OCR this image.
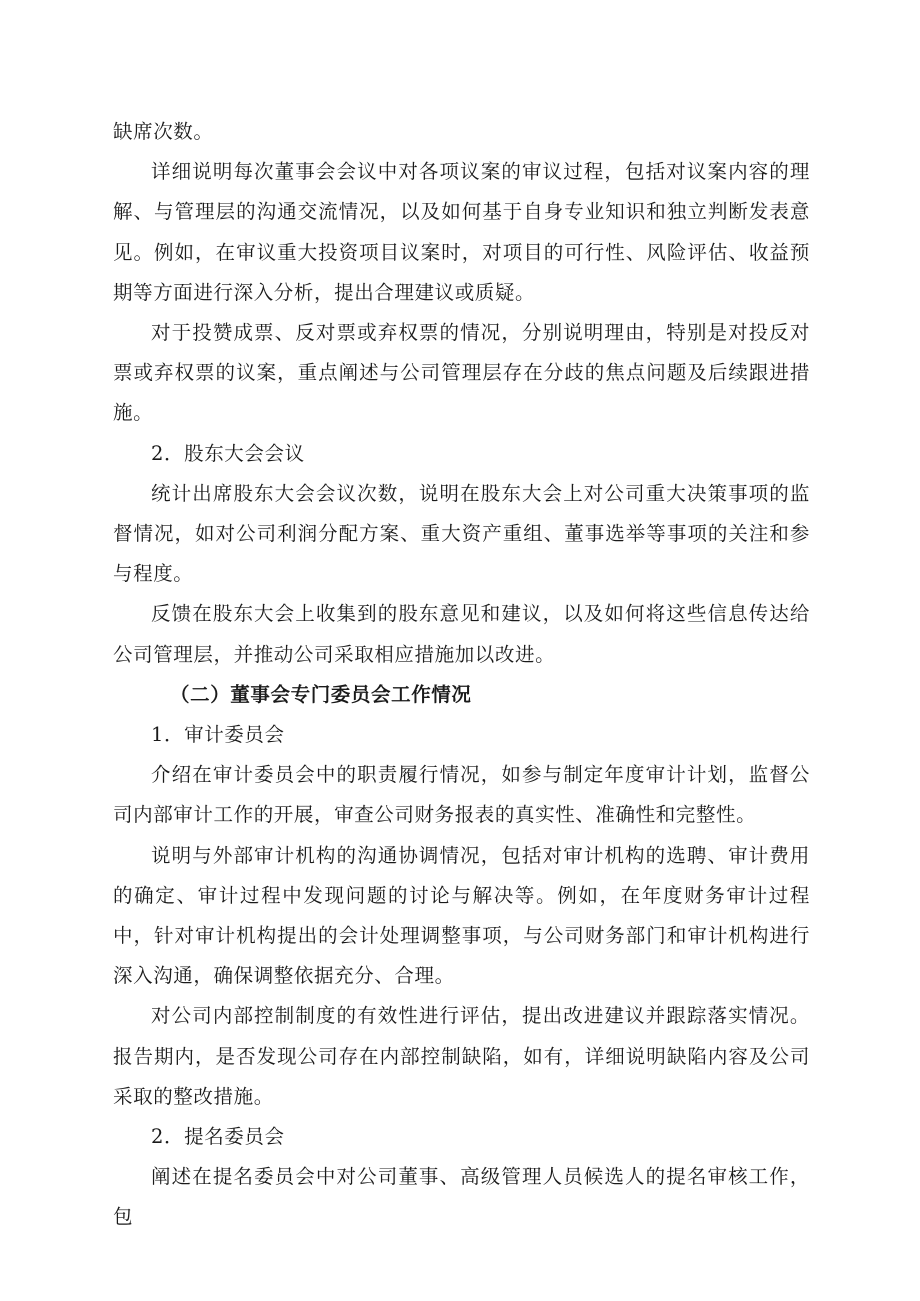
缺席次数。

详细说明每次董事会会议中对各项议案的审议过程，包括对议案内容的理解、与管理层的沟通交流情况，以及如何基于自身专业知识和独立判断发表意见。例如，在审议重大投资项目议案时，对项目的可行性、风险评估、收益预期等方面进行深入分析，提出合理建议或质疑。

对于投赞成票、反对票或弃权票的情况，分别说明理由，特别是对投反对票或弃权票的议案，重点阐述与公司管理层存在分歧的焦点问题及后续跟进措施。

2．股东大会会议

统计出席股东大会会议次数，说明在股东大会上对公司重大决策事项的监督情况，如对公司利润分配方案、重大资产重组、董事选举等事项的关注和参与程度。

反馈在股东大会上收集到的股东意见和建议，以及如何将这些信息传达给公司管理层，并推动公司采取相应措施加以改进。

（二）董事会专门委员会工作情况

1．审计委员会

介绍在审计委员会中的职责履行情况，如参与制定年度审计计划，监督公司内部审计工作的开展，审查公司财务报表的真实性、准确性和完整性。

说明与外部审计机构的沟通协调情况，包括对审计机构的选聘、审计费用的确定、审计过程中发现问题的讨论与解决等。例如，在年度财务审计过程中，针对审计机构提出的会计处理调整事项，与公司财务部门和审计机构进行深入沟通，确保调整依据充分、合理。

对公司内部控制制度的有效性进行评估，提出改进建议并跟踪落实情况。报告期内，是否发现公司存在内部控制缺陷，如有，详细说明缺陷内容及公司采取的整改措施。

2．提名委员会

阐述在提名委员会中对公司董事、高级管理人员候选人的提名审核工作，包
